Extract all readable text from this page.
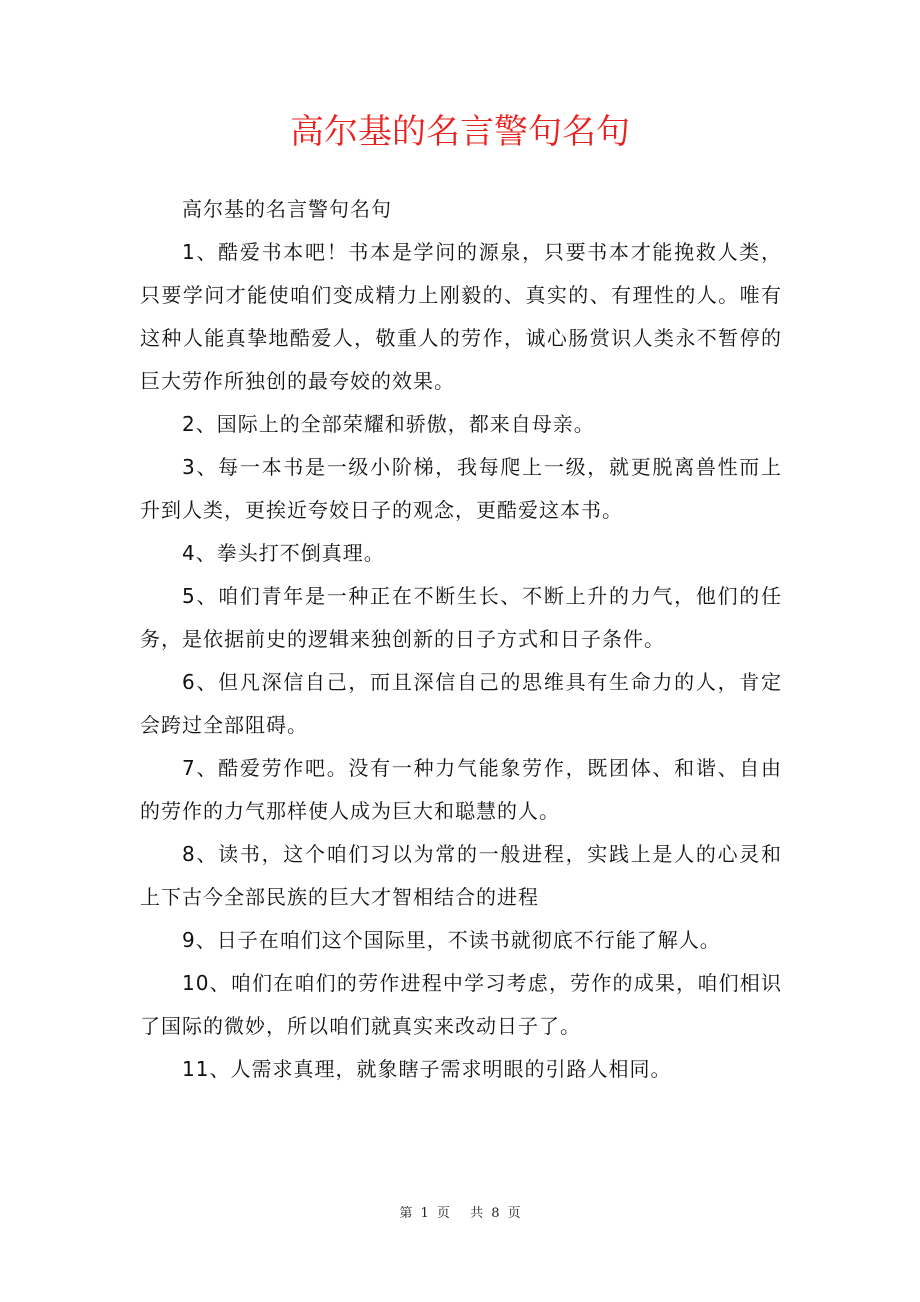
高尔基的名言警句名句

高尔基的名言警句名句

1、酷爱书本吧！书本是学问的源泉，只要书本才能挽救人类，只要学问才能使咱们变成精力上刚毅的、真实的、有理性的人。唯有这种人能真挚地酷爱人，敬重人的劳作，诚心肠赏识人类永不暂停的巨大劳作所独创的最夸姣的效果。

2、国际上的全部荣耀和骄傲，都来自母亲。

3、每一本书是一级小阶梯，我每爬上一级，就更脱离兽性而上升到人类，更挨近夸姣日子的观念，更酷爱这本书。

4、拳头打不倒真理。

5、咱们青年是一种正在不断生长、不断上升的力气，他们的任务，是依据前史的逻辑来独创新的日子方式和日子条件。

6、但凡深信自己，而且深信自己的思维具有生命力的人，肯定会跨过全部阻碍。

7、酷爱劳作吧。没有一种力气能象劳作，既团体、和谐、自由的劳作的力气那样使人成为巨大和聪慧的人。

8、读书，这个咱们习以为常的一般进程，实践上是人的心灵和上下古今全部民族的巨大才智相结合的进程

9、日子在咱们这个国际里，不读书就彻底不行能了解人。

10、咱们在咱们的劳作进程中学习考虑，劳作的成果，咱们相识了国际的微妙，所以咱们就真实来改动日子了。

11、人需求真理，就象瞎子需求明眼的引路人相同。

第 1 页 共 8 页
